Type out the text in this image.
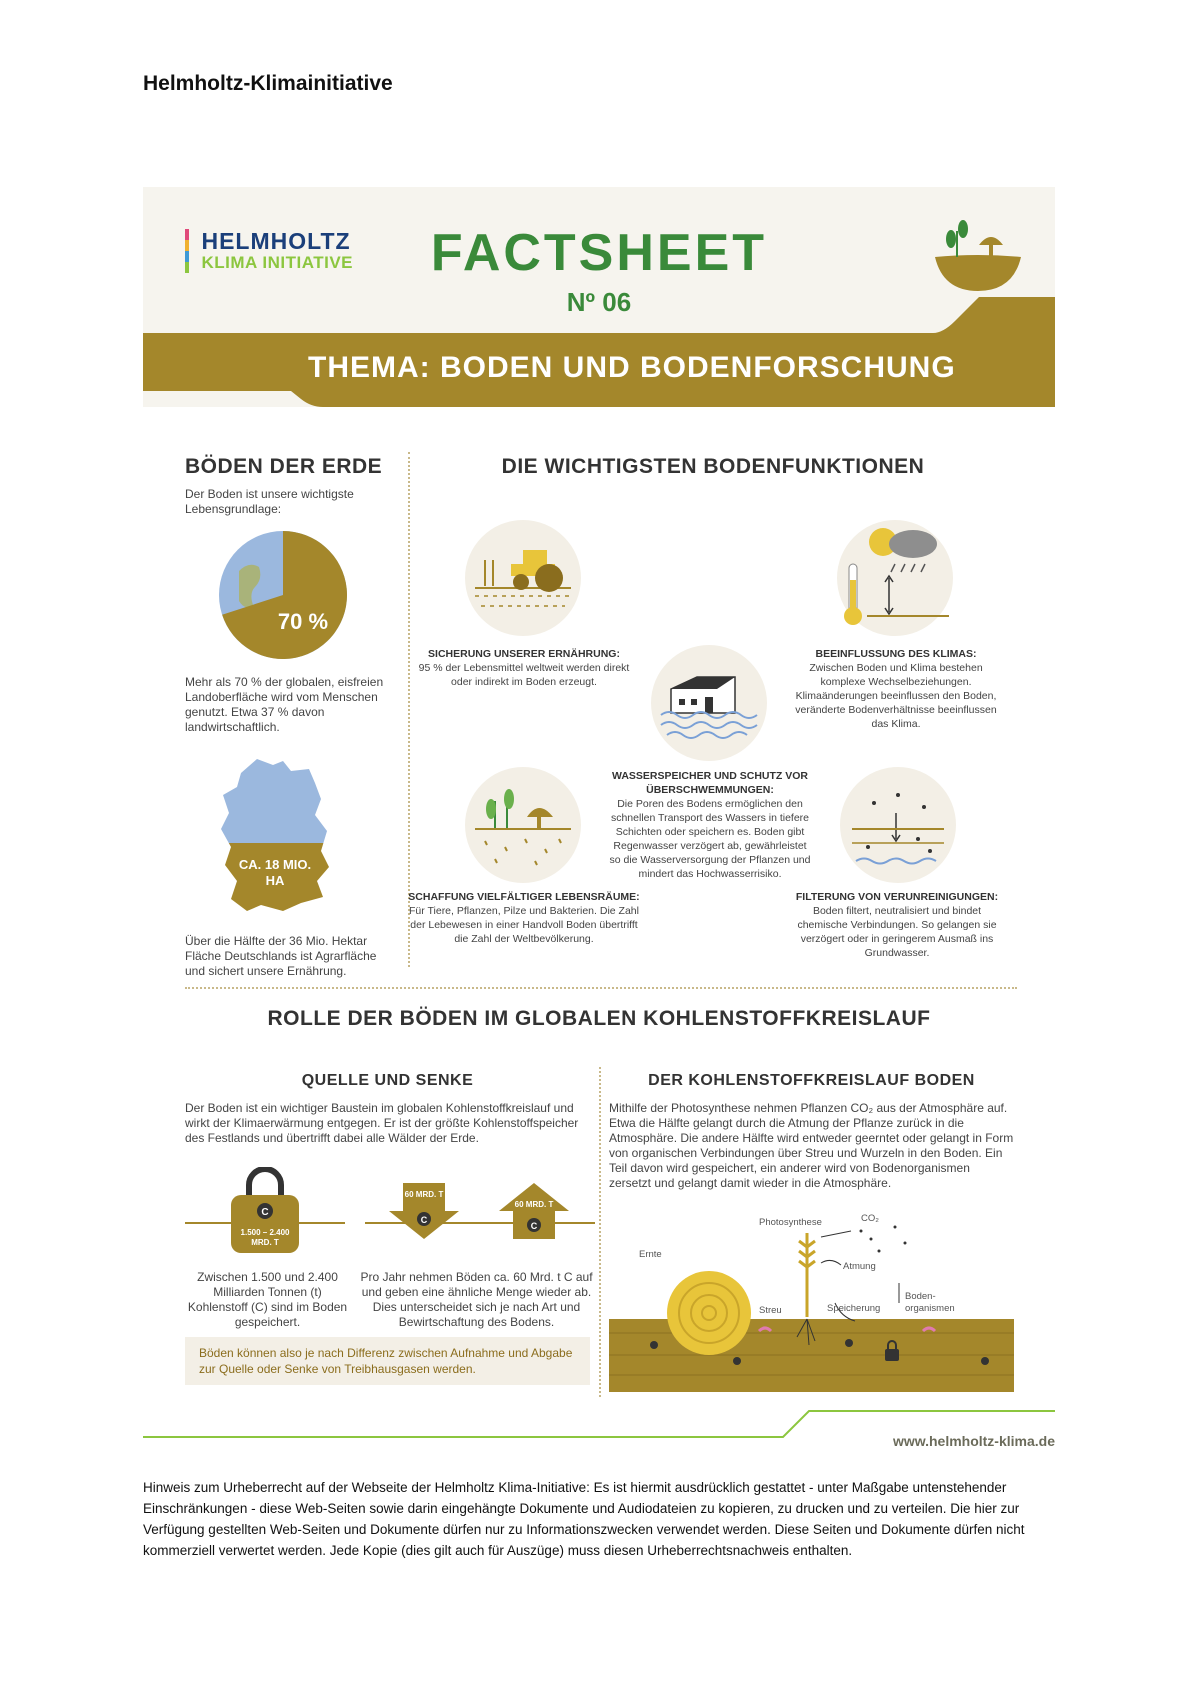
Helmholtz-Klimainitiative

HELMHOLTZ
KLIMA INITIATIVE	FACTSHEET
Nº 06
THEMA: BODEN UND BODENFORSCHUNG
BÖDEN DER ERDE
Der Boden ist unsere wichtigste Lebensgrundlage:
70 %
Mehr als 70 % der globalen, eisfreien Landoberfläche wird vom Menschen genutzt. Etwa 37 % davon landwirtschaftlich.
CA. 18 MIO.
HA
Über die Hälfte der 36 Mio. Hektar Fläche Deutschlands ist Agrarfläche und sichert unsere Ernährung.
DIE WICHTIGSTEN BODENFUNKTIONEN
SICHERUNG UNSERER ERNÄHRUNG:
95 % der Lebensmittel weltweit werden direkt oder indirekt im Boden erzeugt.
BEEINFLUSSUNG DES KLIMAS:
Zwischen Boden und Klima bestehen komplexe Wechselbeziehungen. Klimaänderungen beeinflussen den Boden, veränderte Bodenverhältnisse beeinflussen das Klima.
WASSERSPEICHER UND SCHUTZ VOR ÜBERSCHWEMMUNGEN:
Die Poren des Bodens ermöglichen den schnellen Transport des Wassers in tiefere Schichten oder speichern es. Boden gibt Regenwasser verzögert ab, gewährleistet so die Wasserversorgung der Pflanzen und mindert das Hochwasserrisiko.
SCHAFFUNG VIELFÄLTIGER LEBENSRÄUME:
Für Tiere, Pflanzen, Pilze und Bakterien. Die Zahl der Lebewesen in einer Handvoll Boden übertrifft die Zahl der Weltbevölkerung.
FILTERUNG VON VERUNREINIGUNGEN:
Boden filtert, neutralisiert und bindet chemische Verbindungen. So gelangen sie verzögert oder in geringerem Ausmaß ins Grundwasser.
ROLLE DER BÖDEN IM GLOBALEN KOHLENSTOFFKREISLAUF
QUELLE UND SENKE
Der Boden ist ein wichtiger Baustein im globalen Kohlenstoffkreislauf und wirkt der Klimaerwärmung entgegen. Er ist der größte Kohlenstoffspeicher des Festlands und übertrifft dabei alle Wälder der Erde.
C
1.500 – 2.400
MRD. T
60 MRD. T
C
60 MRD. T
C
Zwischen 1.500 und 2.400 Milliarden Tonnen (t) Kohlenstoff (C) sind im Boden gespeichert.
Pro Jahr nehmen Böden ca. 60 Mrd. t C auf und geben eine ähnliche Menge wieder ab. Dies unterscheidet sich je nach Art und Bewirtschaftung des Bodens.
Böden können also je nach Differenz zwischen Aufnahme und Abgabe zur Quelle oder Senke von Treibhausgasen werden.
DER KOHLENSTOFFKREISLAUF BODEN
Mithilfe der Photosynthese nehmen Pflanzen CO₂ aus der Atmosphäre auf. Etwa die Hälfte gelangt durch die Atmung der Pflanze zurück in die Atmosphäre. Die andere Hälfte wird entweder geerntet oder gelangt in Form von organischen Verbindungen über Streu und Wurzeln in den Boden. Ein Teil davon wird gespeichert, ein anderer wird von Bodenorganismen zersetzt und gelangt damit wieder in die Atmosphäre.
Photosynthese	CO₂
Ernte
Atmung
Streu	Speicherung
Boden-
organismen
www.helmholtz-klima.de
Hinweis zum Urheberrecht auf der Webseite der Helmholtz Klima-Initiative: Es ist hiermit ausdrücklich gestattet - unter Maßgabe untenstehender Einschränkungen - diese Web-Seiten sowie darin eingehängte Dokumente und Audiodateien zu kopieren, zu drucken und zu verteilen. Die hier zur Verfügung gestellten Web-Seiten und Dokumente dürfen nur zu Informationszwecken verwendet werden. Diese Seiten und Dokumente dürfen nicht kommerziell verwertet werden. Jede Kopie (dies gilt auch für Auszüge) muss diesen Urheberrechtsnachweis enthalten.
